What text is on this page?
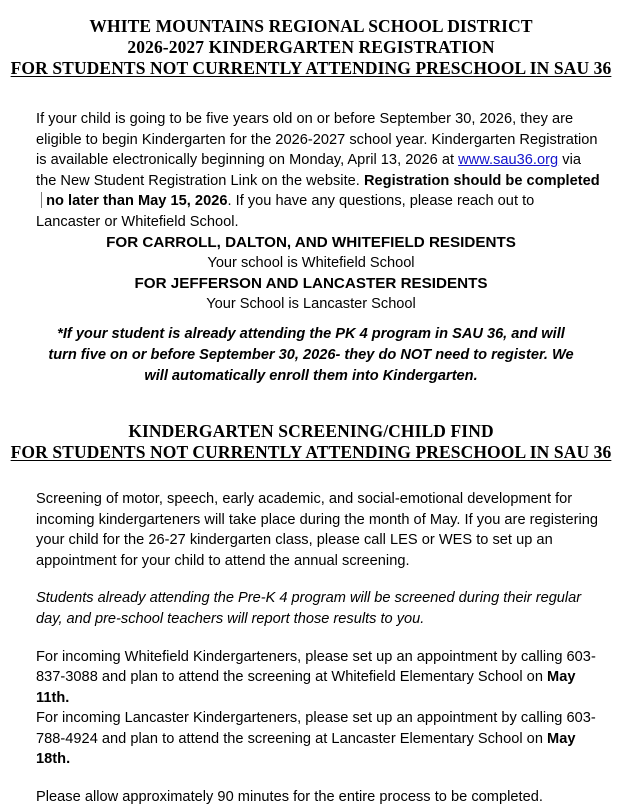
WHITE MOUNTAINS REGIONAL SCHOOL DISTRICT
2026-2027 KINDERGARTEN REGISTRATION
FOR STUDENTS NOT CURRENTLY ATTENDING PRESCHOOL IN SAU 36

If your child is going to be five years old on or before September 30, 2026, they are eligible to begin Kindergarten for the 2026-2027 school year. Kindergarten Registration is available electronically beginning on Monday, April 13, 2026 at www.sau36.org via the New Student Registration Link on the website. Registration should be completed no later than May 15, 2026. If you have any questions, please reach out to Lancaster or Whitefield School.

FOR CARROLL, DALTON, AND WHITEFIELD RESIDENTS

Your school is Whitefield School

FOR JEFFERSON AND LANCASTER RESIDENTS

Your School is Lancaster School

*If your student is already attending the PK 4 program in SAU 36, and will turn five on or before September 30, 2026- they do NOT need to register. We will automatically enroll them into Kindergarten.

KINDERGARTEN SCREENING/CHILD FIND
FOR STUDENTS NOT CURRENTLY ATTENDING PRESCHOOL IN SAU 36

Screening of motor, speech, early academic, and social-emotional development for incoming kindergarteners will take place during the month of May. If you are registering your child for the 26-27 kindergarten class, please call LES or WES to set up an appointment for your child to attend the annual screening.

Students already attending the Pre-K 4 program will be screened during their regular day, and pre-school teachers will report those results to you.

For incoming Whitefield Kindergarteners, please set up an appointment by calling 603-837-3088 and plan to attend the screening at Whitefield Elementary School on May 11th.

For incoming Lancaster Kindergarteners, please set up an appointment by calling 603-788-4924 and plan to attend the screening at Lancaster Elementary School on May 18th.

Please allow approximately 90 minutes for the entire process to be completed.
